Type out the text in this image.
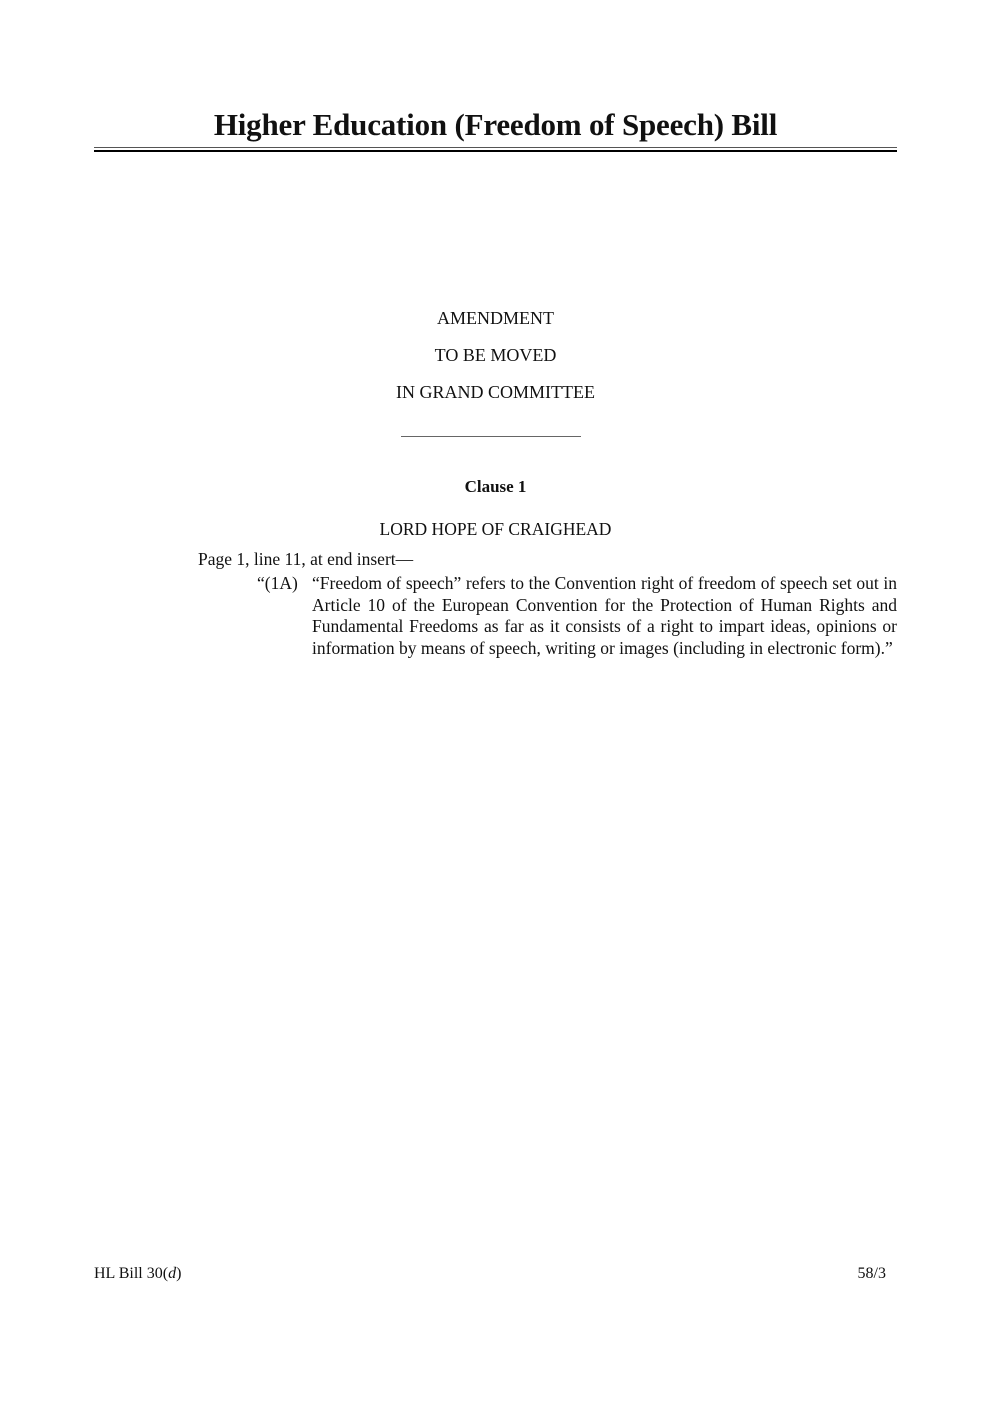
Higher Education (Freedom of Speech) Bill
AMENDMENT
TO BE MOVED
IN GRAND COMMITTEE
Clause 1
LORD HOPE OF CRAIGHEAD
Page 1, line 11, at end insert—
“(1A) “Freedom of speech” refers to the Convention right of freedom of speech set out in Article 10 of the European Convention for the Protection of Human Rights and Fundamental Freedoms as far as it consists of a right to impart ideas, opinions or information by means of speech, writing or images (including in electronic form).”
HL Bill 30(d)	58/3
